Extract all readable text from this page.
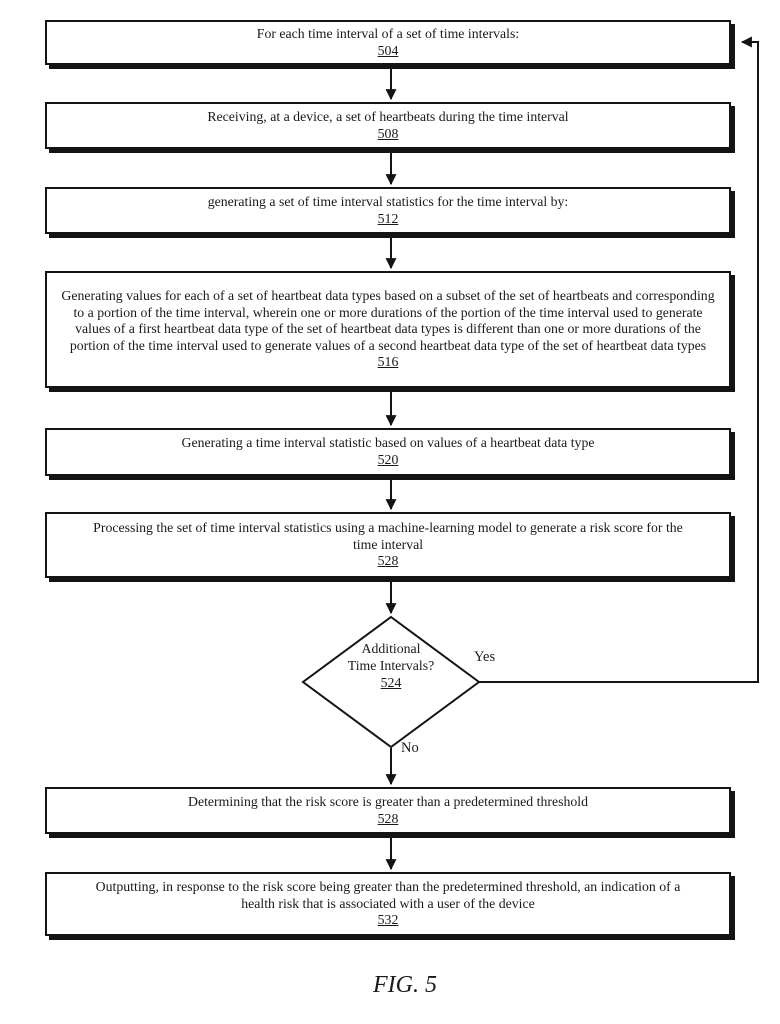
For each time interval of a set of time intervals:
504
Receiving, at a device, a set of heartbeats during the time interval
508
generating a set of time interval statistics for the time interval by:
512
Generating values for each of a set of heartbeat data types based on a subset of the set of heartbeats and corresponding to a portion of the time interval, wherein one or more durations of the portion of the time interval used to generate values of a first heartbeat data type of the set of heartbeat data types is different than one or more durations of the portion of the time interval used to generate values of a second heartbeat data type of the set of heartbeat data types
516
Generating a time interval statistic based on values of a heartbeat data type
520
Processing the set of time interval statistics using a machine-learning model to generate a risk score for the time interval
528
Determining that the risk score is greater than a predetermined threshold
528
Outputting, in response to the risk score being greater than the predetermined threshold, an indication of a health risk that is associated with a user of the device
532
Additional
Time Intervals?
524
Yes
No
FIG. 5
